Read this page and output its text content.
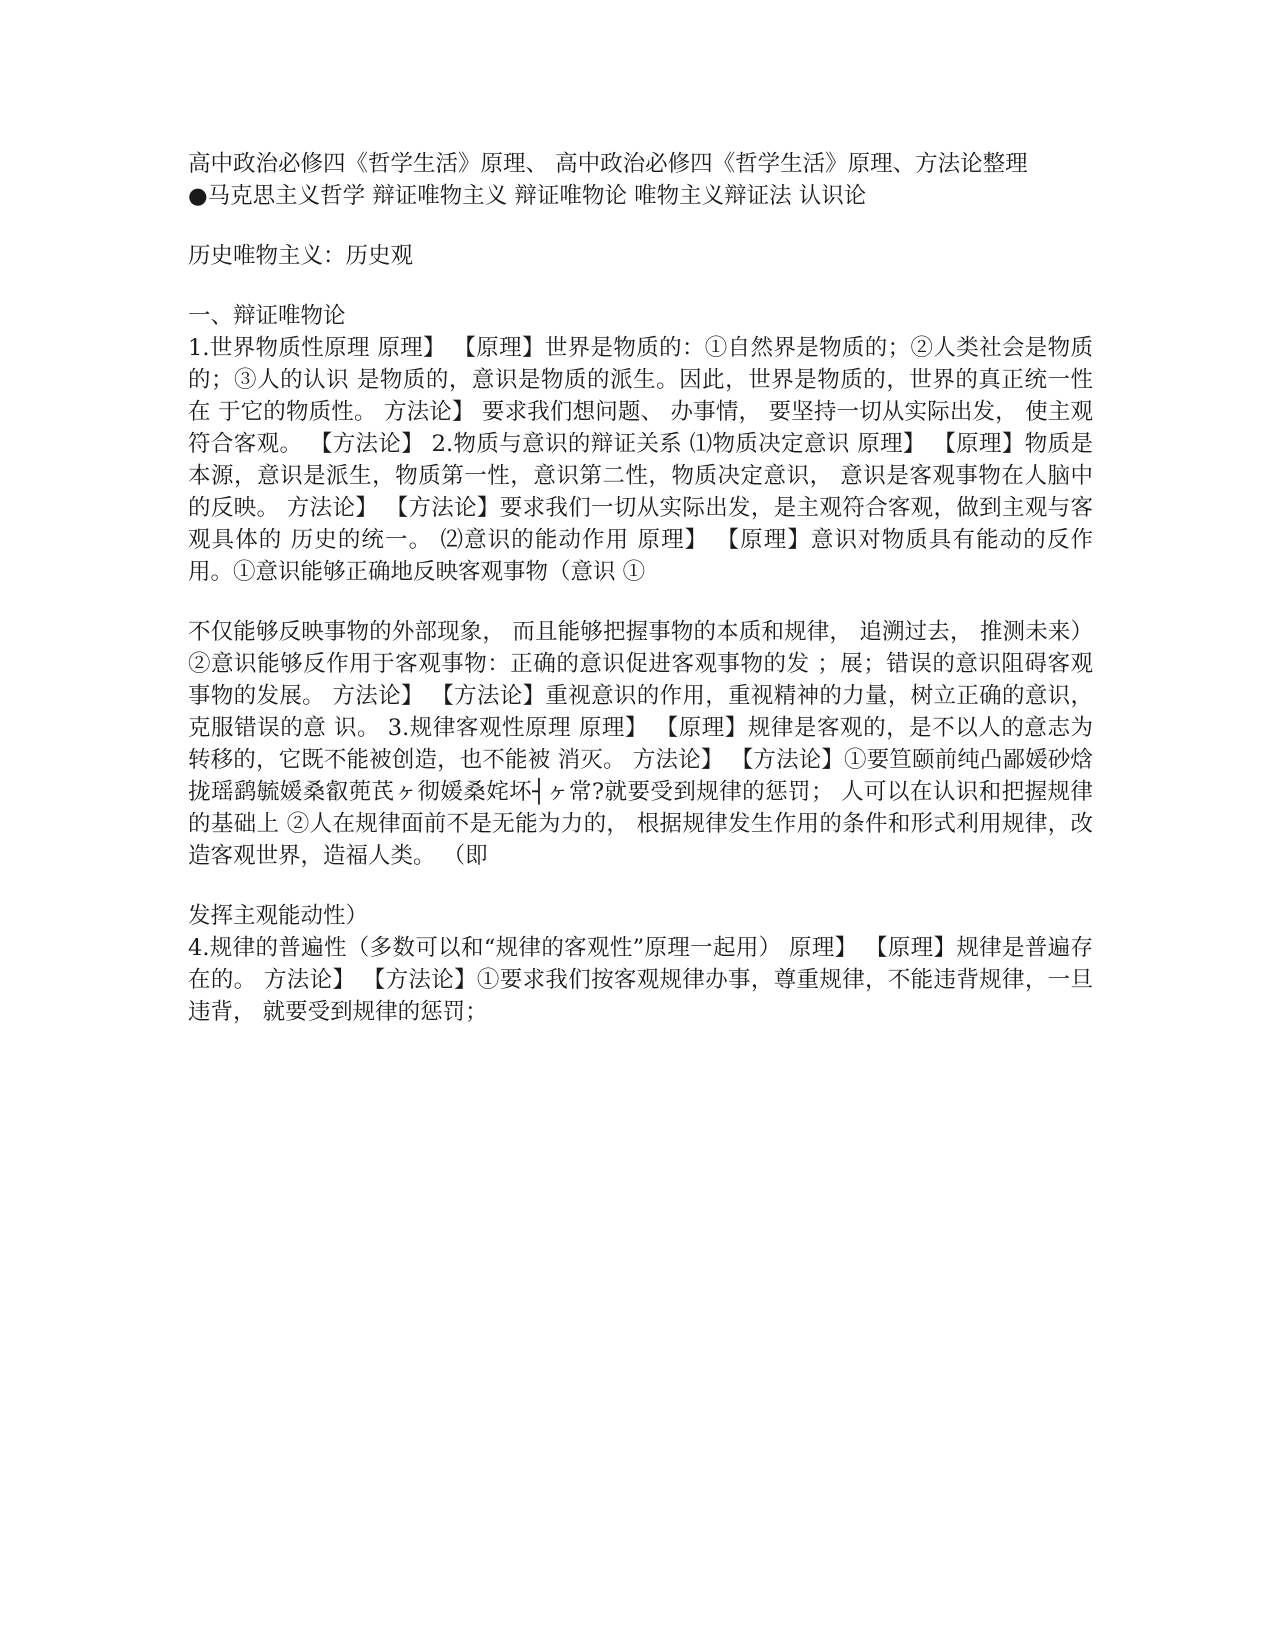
高中政治必修四《哲学生活》原理、 高中政治必修四《哲学生活》原理、方法论整理

●马克思主义哲学 辩证唯物主义 辩证唯物论 唯物主义辩证法 认识论

历史唯物主义：历史观

一、辩证唯物论

1.世界物质性原理 原理】 【原理】世界是物质的：①自然界是物质的；②人类社会是物质的；③人的认识 是物质的，意识是物质的派生。因此，世界是物质的，世界的真正统一性在 于它的物质性。 方法论】 要求我们想问题、 办事情， 要坚持一切从实际出发， 使主观符合客观。 【方法论】 2.物质与意识的辩证关系 ⑴物质决定意识 原理】 【原理】物质是本源，意识是派生，物质第一性，意识第二性，物质决定意识， 意识是客观事物在人脑中的反映。 方法论】 【方法论】要求我们一切从实际出发，是主观符合客观，做到主观与客观具体的 历史的统一。 ⑵意识的能动作用 原理】 【原理】意识对物质具有能动的反作用。①意识能够正确地反映客观事物（意识 ①

不仅能够反映事物的外部现象， 而且能够把握事物的本质和规律， 追溯过去， 推测未来） ②意识能够反作用于客观事物：正确的意识促进客观事物的发 ；展；错误的意识阻碍客观事物的发展。 方法论】 【方法论】重视意识的作用，重视精神的力量，树立正确的意识，克服错误的意 识。 3.规律客观性原理 原理】 【原理】规律是客观的，是不以人的意志为转移的，它既不能被创造，也不能被 消灭。 方法论】 【方法论】①要笪颐前纯凸鄙媛砂焓拢瑶鹞毓媛桑叡蔸芪ヶ彻媛桑姹坏┤ヶ常?就要受到规律的惩罚； 人可以在认识和把握规律的基础上 ②人在规律面前不是无能为力的， 根据规律发生作用的条件和形式利用规律，改造客观世界，造福人类。 （即

发挥主观能动性）

4.规律的普遍性（多数可以和“规律的客观性”原理一起用） 原理】 【原理】规律是普遍存在的。 方法论】 【方法论】①要求我们按客观规律办事，尊重规律，不能违背规律，一旦违背， 就要受到规律的惩罚；
